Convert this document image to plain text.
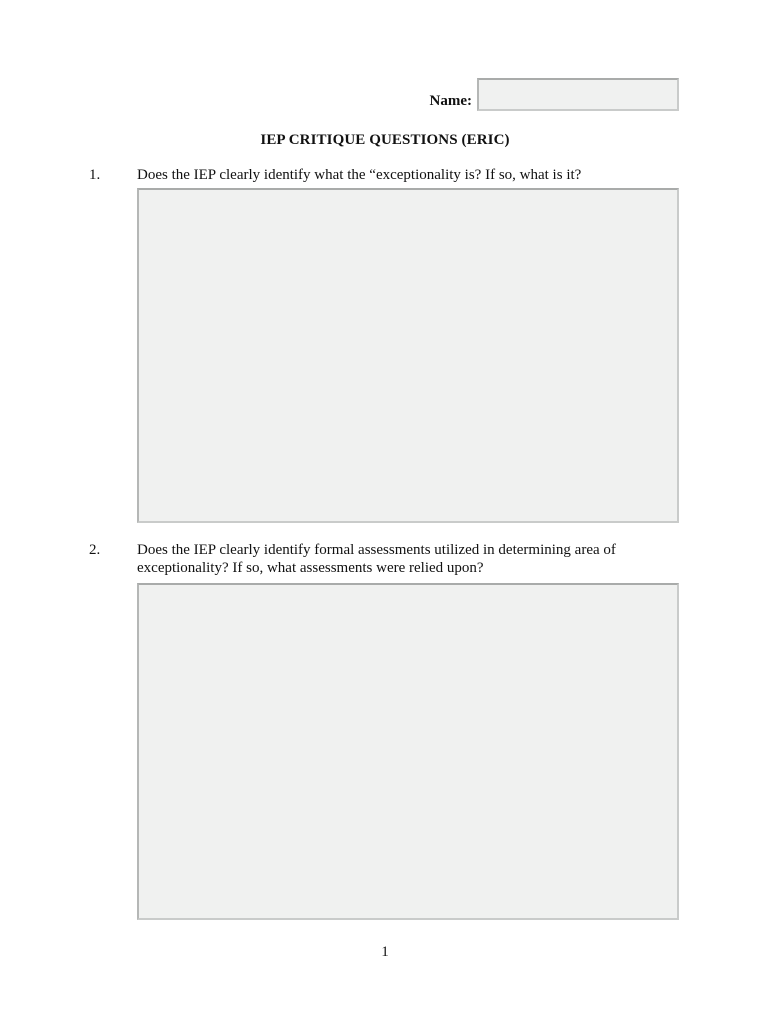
Name:
IEP CRITIQUE QUESTIONS (ERIC)
1. Does the IEP clearly identify what the “exceptionality is? If so, what is it?
2. Does the IEP clearly identify formal assessments utilized in determining area of exceptionality? If so, what assessments were relied upon?
1
